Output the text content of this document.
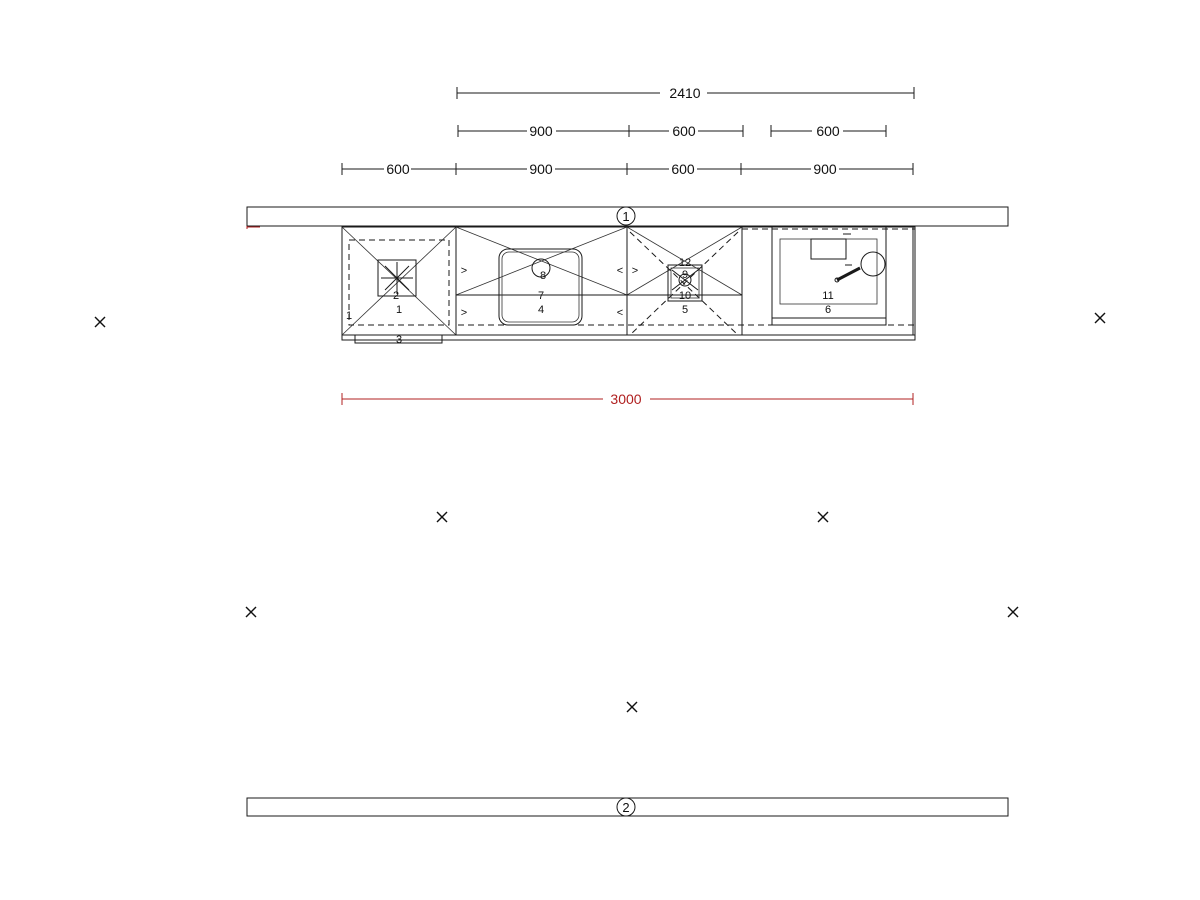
2410
900	600	600
600	900	600	900
1
2
1
1
3
8
7
4
>
>
<
<
12
9
10
5
>
11
6
3000
2
